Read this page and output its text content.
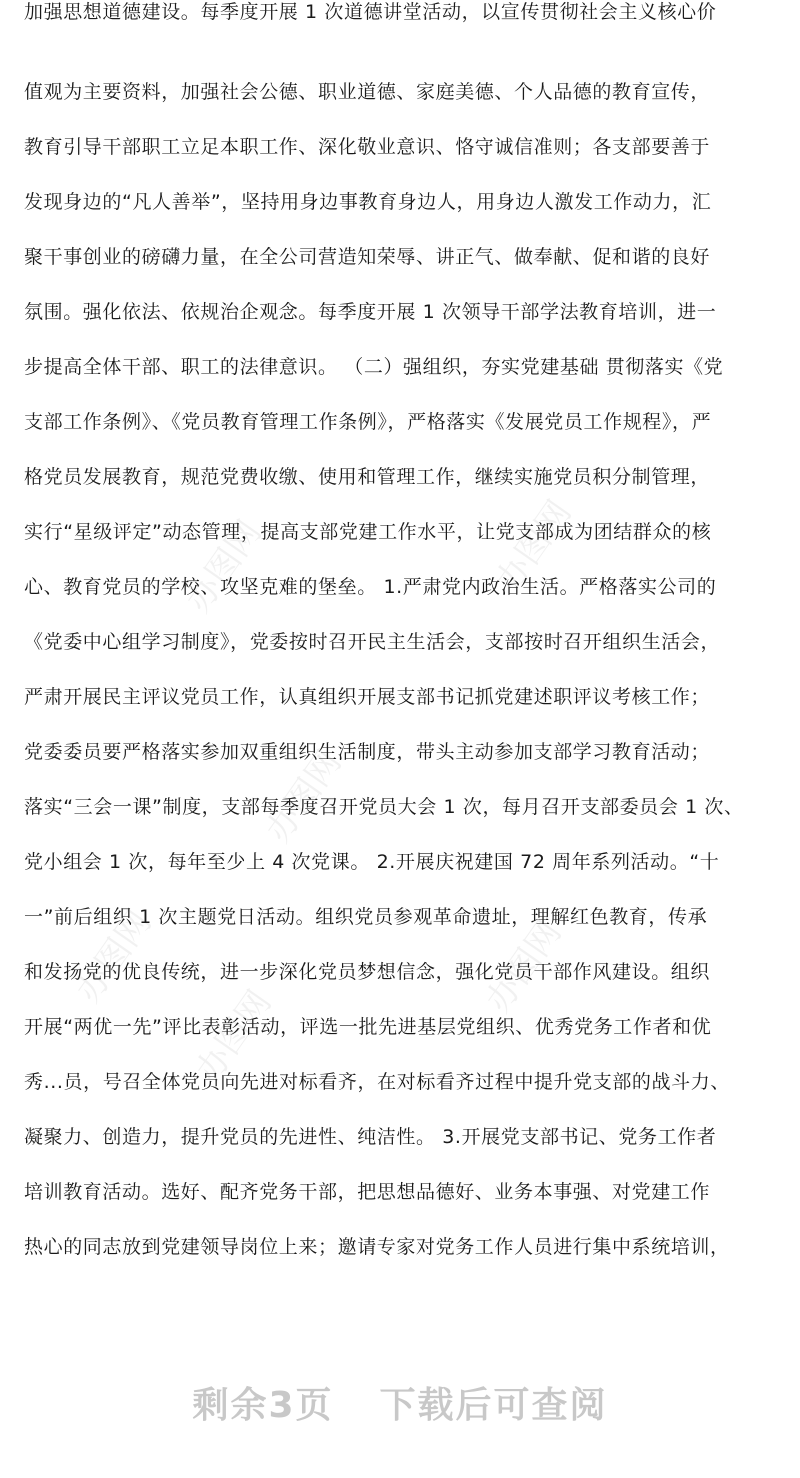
办图网	办图网
办图网
办图网	办图网
办图网
加强思想道德建设。每季度开展 1 次道德讲堂活动，以宣传贯彻社会主义核心价
值观为主要资料，加强社会公德、职业道德、家庭美德、个人品德的教育宣传，
教育引导干部职工立足本职工作、深化敬业意识、恪守诚信准则；各支部要善于
发现身边的“凡人善举”，坚持用身边事教育身边人，用身边人激发工作动力，汇
聚干事创业的磅礴力量，在全公司营造知荣辱、讲正气、做奉献、促和谐的良好
氛围。强化依法、依规治企观念。每季度开展 1 次领导干部学法教育培训，进一
步提高全体干部、职工的法律意识。 （二）强组织，夯实党建基础 贯彻落实《党
支部工作条例》、《党员教育管理工作条例》，严格落实《发展党员工作规程》，严
格党员发展教育，规范党费收缴、使用和管理工作，继续实施党员积分制管理，
实行“星级评定”动态管理，提高支部党建工作水平，让党支部成为团结群众的核
心、教育党员的学校、攻坚克难的堡垒。 1.严肃党内政治生活。严格落实公司的
《党委中心组学习制度》，党委按时召开民主生活会，支部按时召开组织生活会，
严肃开展民主评议党员工作，认真组织开展支部书记抓党建述职评议考核工作；
党委委员要严格落实参加双重组织生活制度，带头主动参加支部学习教育活动；
落实“三会一课”制度，支部每季度召开党员大会 1 次，每月召开支部委员会 1 次、
党小组会 1 次，每年至少上 4 次党课。 2.开展庆祝建国 72 周年系列活动。“十
一”前后组织 1 次主题党日活动。组织党员参观革命遗址，理解红色教育，传承
和发扬党的优良传统，进一步深化党员梦想信念，强化党员干部作风建设。组织
开展“两优一先”评比表彰活动，评选一批先进基层党组织、优秀党务工作者和优
秀...员，号召全体党员向先进对标看齐，在对标看齐过程中提升党支部的战斗力、
凝聚力、创造力，提升党员的先进性、纯洁性。 3.开展党支部书记、党务工作者
培训教育活动。选好、配齐党务干部，把思想品德好、业务本事强、对党建工作
热心的同志放到党建领导岗位上来；邀请专家对党务工作人员进行集中系统培训，
剩余3页 下载后可查阅
